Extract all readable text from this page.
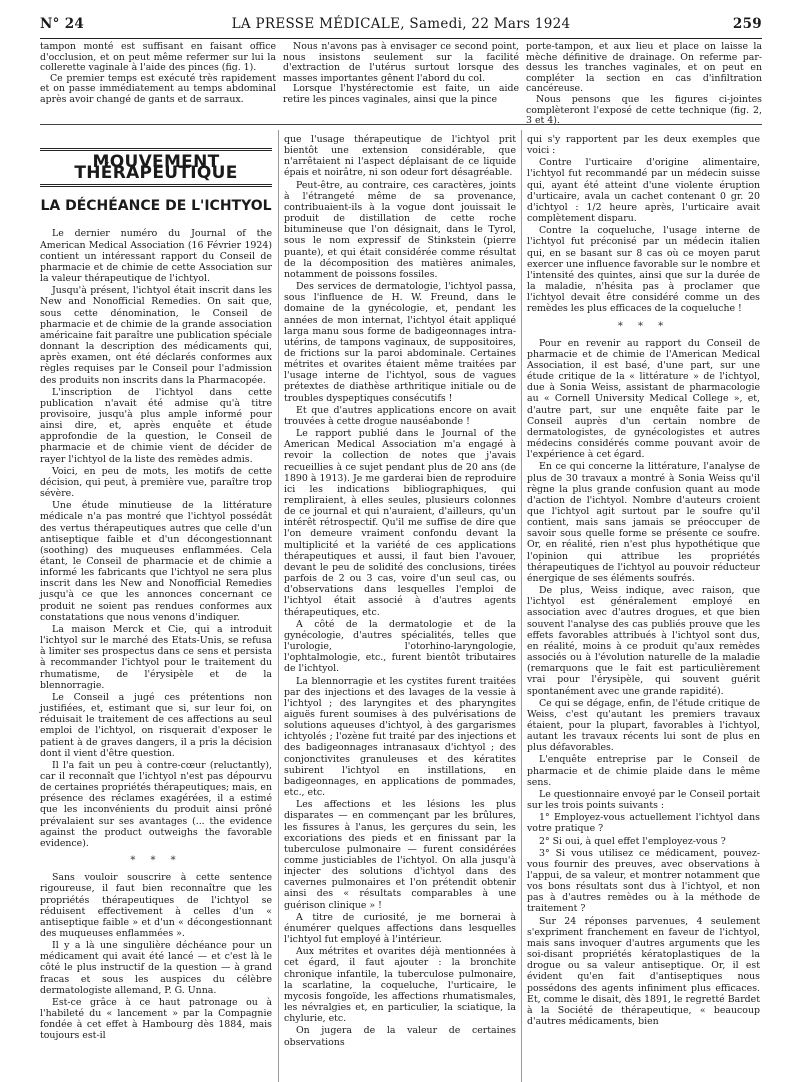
N° 24	LA PRESSE MÉDICALE, Samedi, 22 Mars 1924	259

tampon monté est suffisant en faisant office d'occlusion, et on peut même refermer sur lui la collerette vaginale à l'aide des pinces (fig. 1).

Ce premier temps est exécuté très rapidement et on passe immédiatement au temps abdominal après avoir changé de gants et de sarraux.

Nous n'avons pas à envisager ce second point, nous insistons seulement sur la facilité d'extraction de l'utérus surtout lorsque des masses importantes gênent l'abord du col.

Lorsque l'hystérectomie est faite, un aide retire les pinces vaginales, ainsi que la pince

porte-tampon, et aux lieu et place on laisse la mèche définitive de drainage. On referme par-dessus les tranches vaginales, et on peut en compléter la section en cas d'infiltration cancéreuse.

Nous pensons que les figures ci-jointes complèteront l'exposé de cette technique (fig. 2, 3 et 4).

MOUVEMENT THÉRAPEUTIQUE
LA DÉCHÉANCE DE L'ICHTYOL

Le dernier numéro du Journal of the American Medical Association (16 Février 1924) contient un intéressant rapport du Conseil de pharmacie et de chimie de cette Association sur la valeur thérapeutique de l'ichtyol.

Jusqu'à présent, l'ichtyol était inscrit dans les New and Nonofficial Remedies. On sait que, sous cette dénomination, le Conseil de pharmacie et de chimie de la grande association américaine fait paraître une publication spéciale donnant la description des médicaments qui, après examen, ont été déclarés conformes aux règles requises par le Conseil pour l'admission des produits non inscrits dans la Pharmacopée.

L'inscription de l'ichtyol dans cette publication n'avait été admise qu'à titre provisoire, jusqu'à plus ample informé pour ainsi dire, et, après enquête et étude approfondie de la question, le Conseil de pharmacie et de chimie vient de décider de rayer l'ichtyol de la liste des remèdes admis.

Voici, en peu de mots, les motifs de cette décision, qui peut, à première vue, paraître trop sévère.

Une étude minutieuse de la littérature médicale n'a pas montré que l'ichtyol possédât des vertus thérapeutiques autres que celle d'un antiseptique faible et d'un décongestionnant (soothing) des muqueuses enflammées. Cela étant, le Conseil de pharmacie et de chimie a informé les fabricants que l'ichtyol ne sera plus inscrit dans les New and Nonofficial Remedies jusqu'à ce que les annonces concernant ce produit ne soient pas rendues conformes aux constatations que nous venons d'indiquer.

La maison Merck et Cie, qui a introduit l'ichtyol sur le marché des Etats-Unis, se refusa à limiter ses prospectus dans ce sens et persista à recommander l'ichtyol pour le traitement du rhumatisme, de l'érysipèle et de la blennorragie.

Le Conseil a jugé ces prétentions non justifiées, et, estimant que si, sur leur foi, on réduisait le traitement de ces affections au seul emploi de l'ichtyol, on risquerait d'exposer le patient à de graves dangers, il a pris la décision dont il vient d'être question.

Il l'a fait un peu à contre-cœur (reluctantly), car il reconnaît que l'ichtyol n'est pas dépourvu de certaines propriétés thérapeutiques; mais, en présence des réclames exagérées, il a estimé que les inconvénients du produit ainsi prôné prévalaient sur ses avantages (... the evidence against the product outweighs the favorable evidence).

* * *

Sans vouloir souscrire à cette sentence rigoureuse, il faut bien reconnaître que les propriétés thérapeutiques de l'ichtyol se réduisent effectivement à celles d'un « antiseptique faible » et d'un « décongestionnant des muqueuses enflammées ».

Il y a là une singulière déchéance pour un médicament qui avait été lancé — et c'est là le côté le plus instructif de la question — à grand fracas et sous les auspices du célèbre dermatologiste allemand, P. G. Unna.

Est-ce grâce à ce haut patronage ou à l'habileté du « lancement » par la Compagnie fondée à cet effet à Hambourg dès 1884, mais toujours est-il

que l'usage thérapeutique de l'ichtyol prit bientôt une extension considérable, que n'arrêtaient ni l'aspect déplaisant de ce liquide épais et noirâtre, ni son odeur fort désagréable.

Peut-être, au contraire, ces caractères, joints à l'étrangeté même de sa provenance, contribuaient-ils à la vogue dont jouissait le produit de distillation de cette roche bitumineuse que l'on désignait, dans le Tyrol, sous le nom expressif de Stinkstein (pierre puante), et qui était considérée comme résultat de la décomposition des matières animales, notamment de poissons fossiles.

Des services de dermatologie, l'ichtyol passa, sous l'influence de H. W. Freund, dans le domaine de la gynécologie, et, pendant les années de mon internat, l'ichtyol était appliqué larga manu sous forme de badigeonnages intra-utérins, de tampons vaginaux, de suppositoires, de frictions sur la paroi abdominale. Certaines métrites et ovarites étaient même traitées par l'usage interne de l'ichtyol, sous de vagues prétextes de diathèse arthritique initiale ou de troubles dyspeptiques consécutifs !

Et que d'autres applications encore on avait trouvées à cette drogue nauséabonde !

Le rapport publié dans le Journal of the American Medical Association m'a engagé à revoir la collection de notes que j'avais recueillies à ce sujet pendant plus de 20 ans (de 1890 à 1913). Je me garderai bien de reproduire ici les indications bibliographiques, qui rempliraient, à elles seules, plusieurs colonnes de ce journal et qui n'auraient, d'ailleurs, qu'un intérêt rétrospectif. Qu'il me suffise de dire que l'on demeure vraiment confondu devant la multiplicité et la variété de ces applications thérapeutiques et aussi, il faut bien l'avouer, devant le peu de solidité des conclusions, tirées parfois de 2 ou 3 cas, voire d'un seul cas, ou d'observations dans lesquelles l'emploi de l'ichtyol était associé à d'autres agents thérapeutiques, etc.

A côté de la dermatologie et de la gynécologie, d'autres spécialités, telles que l'urologie, l'otorhino-laryngologie, l'ophtalmologie, etc., furent bientôt tributaires de l'ichtyol.

La blennorragie et les cystites furent traitées par des injections et des lavages de la vessie à l'ichtyol ; des laryngites et des pharyngites aiguës furent soumises à des pulvérisations de solutions aqueuses d'ichtyol, à des gargarismes ichtyolés ; l'ozène fut traité par des injections et des badigeonnages intranasaux d'ichtyol ; des conjonctivites granuleuses et des kératites subirent l'ichtyol en instillations, en badigeonnages, en applications de pommades, etc., etc.

Les affections et les lésions les plus disparates — en commençant par les brûlures, les fissures à l'anus, les gerçures du sein, les excoriations des pieds et en finissant par la tuberculose pulmonaire — furent considérées comme justiciables de l'ichtyol. On alla jusqu'à injecter des solutions d'ichtyol dans des cavernes pulmonaires et l'on prétendit obtenir ainsi des « résultats comparables à une guérison clinique » !

A titre de curiosité, je me bornerai à énumérer quelques affections dans lesquelles l'ichtyol fut employé à l'intérieur.

Aux métrites et ovarites déjà mentionnées à cet égard, il faut ajouter : la bronchite chronique infantile, la tuberculose pulmonaire, la scarlatine, la coqueluche, l'urticaire, le mycosis fongoïde, les affections rhumatismales, les névralgies et, en particulier, la sciatique, la chylurie, etc.

On jugera de la valeur de certaines observations

qui s'y rapportent par les deux exemples que voici :

Contre l'urticaire d'origine alimentaire, l'ichtyol fut recommandé par un médecin suisse qui, ayant été atteint d'une violente éruption d'urticaire, avala un cachet contenant 0 gr. 20 d'ichtyol : 1/2 heure après, l'urticaire avait complètement disparu.

Contre la coqueluche, l'usage interne de l'ichtyol fut préconisé par un médecin italien qui, en se basant sur 8 cas où ce moyen parut exercer une influence favorable sur le nombre et l'intensité des quintes, ainsi que sur la durée de la maladie, n'hésita pas à proclamer que l'ichtyol devait être considéré comme un des remèdes les plus efficaces de la coqueluche !

* * *

Pour en revenir au rapport du Conseil de pharmacie et de chimie de l'American Medical Association, il est basé, d'une part, sur une étude critique de la « littérature » de l'ichtyol, due à Sonia Weiss, assistant de pharmacologie au « Cornell University Medical College », et, d'autre part, sur une enquête faite par le Conseil auprès d'un certain nombre de dermatologistes, de gynécologistes et autres médecins considérés comme pouvant avoir de l'expérience à cet égard.

En ce qui concerne la littérature, l'analyse de plus de 30 travaux a montré à Sonia Weiss qu'il règne la plus grande confusion quant au mode d'action de l'ichtyol. Nombre d'auteurs croient que l'ichtyol agit surtout par le soufre qu'il contient, mais sans jamais se préoccuper de savoir sous quelle forme se présente ce soufre. Or, en réalité, rien n'est plus hypothétique que l'opinion qui attribue les propriétés thérapeutiques de l'ichtyol au pouvoir réducteur énergique de ses éléments soufrés.

De plus, Weiss indique, avec raison, que l'ichtyol est généralement employé en association avec d'autres drogues, et que bien souvent l'analyse des cas publiés prouve que les effets favorables attribués à l'ichtyol sont dus, en réalité, moins à ce produit qu'aux remèdes associés ou à l'évolution naturelle de la maladie (remarquons que le fait est particulièrement vrai pour l'érysipèle, qui souvent guérit spontanément avec une grande rapidité).

Ce qui se dégage, enfin, de l'étude critique de Weiss, c'est qu'autant les premiers travaux étaient, pour la plupart, favorables à l'ichtyol, autant les travaux récents lui sont de plus en plus défavorables.

L'enquête entreprise par le Conseil de pharmacie et de chimie plaide dans le même sens.

Le questionnaire envoyé par le Conseil portait sur les trois points suivants :

1° Employez-vous actuellement l'ichtyol dans votre pratique ?

2° Si oui, à quel effet l'employez-vous ?

3° Si vous utilisez ce médicament, pouvez-vous fournir des preuves, avec observations à l'appui, de sa valeur, et montrer notamment que vos bons résultats sont dus à l'ichtyol, et non pas à d'autres remèdes ou à la méthode de traitement ?

Sur 24 réponses parvenues, 4 seulement s'expriment franchement en faveur de l'ichtyol, mais sans invoquer d'autres arguments que les soi-disant propriétés kératoplastiques de la drogue ou sa valeur antiseptique. Or, il est évident qu'en fait d'antiseptiques nous possédons des agents infiniment plus efficaces. Et, comme le disait, dès 1891, le regretté Bardet à la Société de thérapeutique, « beaucoup d'autres médicaments, bien
